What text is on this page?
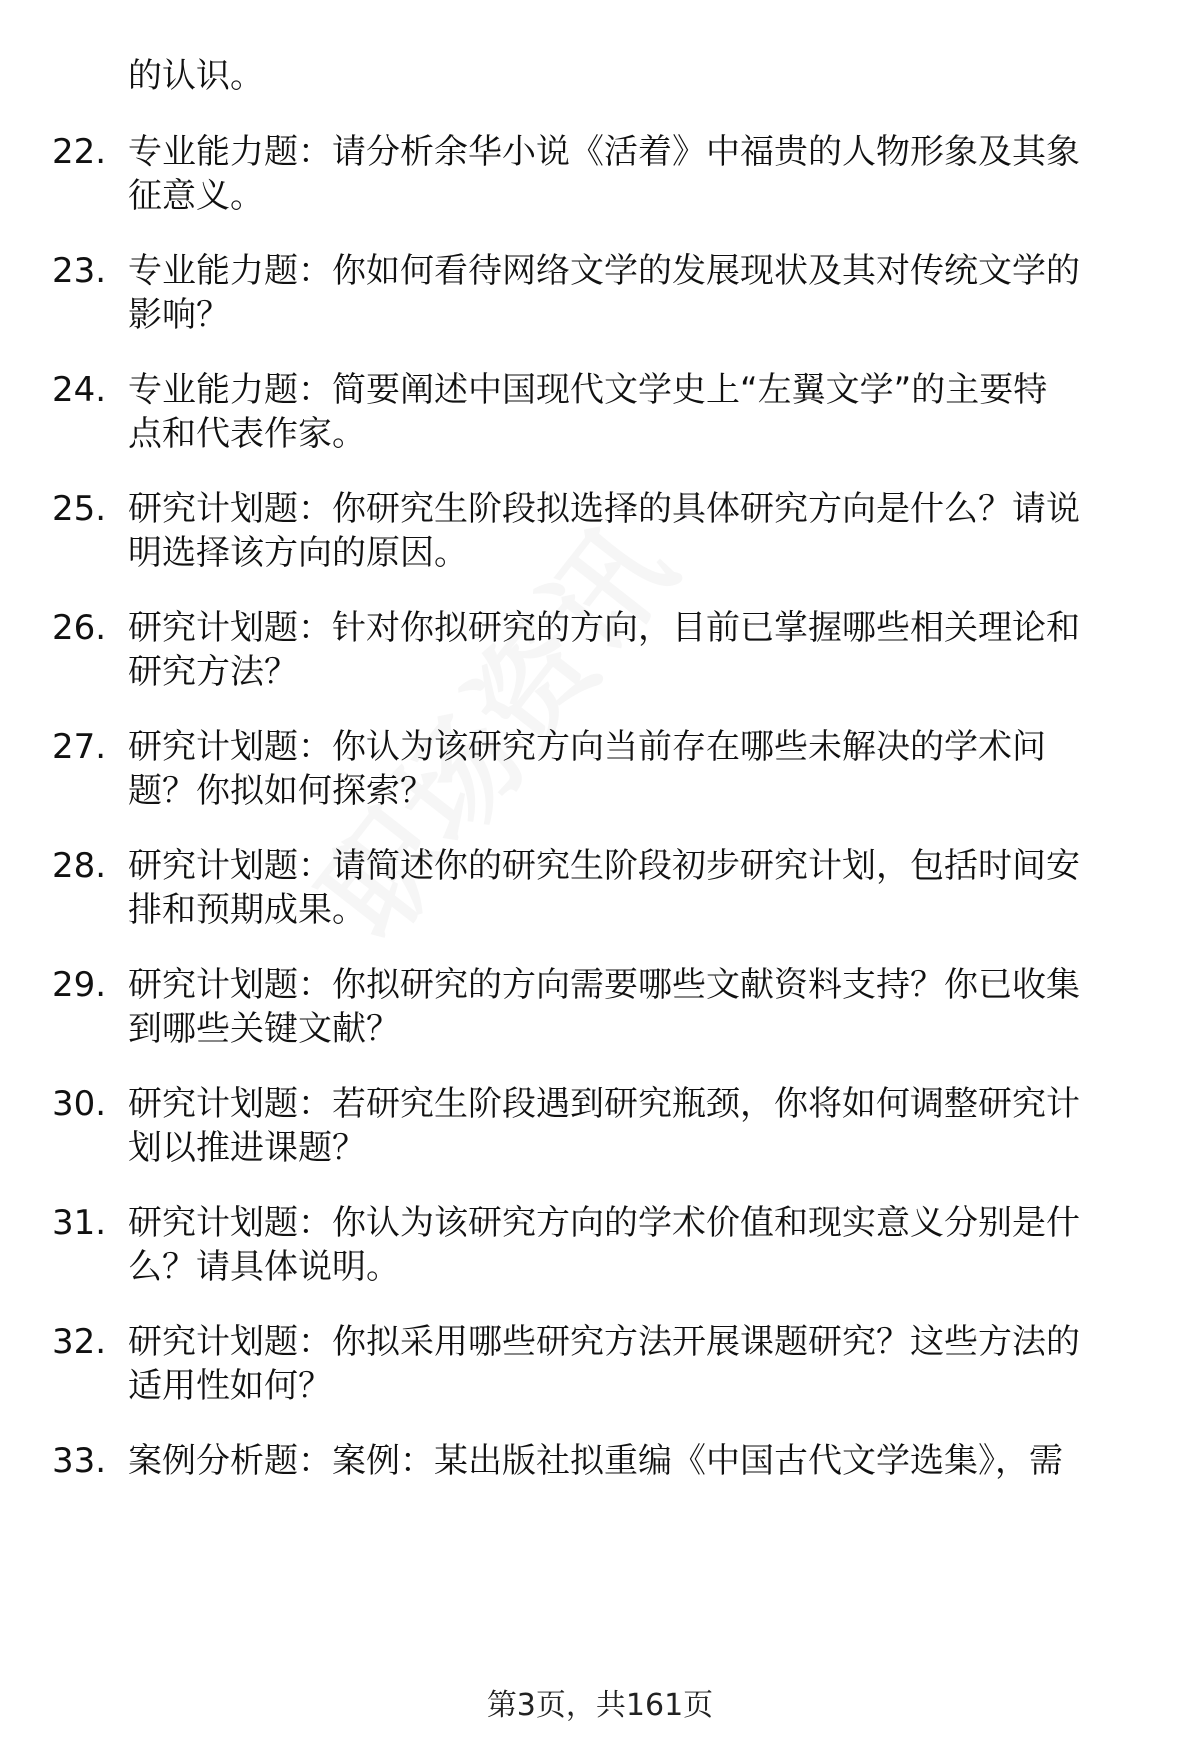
的认识。
22. 专业能力题：请分析余华小说《活着》中福贵的人物形象及其象
征意义。
23. 专业能力题：你如何看待网络文学的发展现状及其对传统文学的
影响？
24. 专业能力题：简要阐述中国现代文学史上“左翼文学”的主要特
点和代表作家。
25. 研究计划题：你研究生阶段拟选择的具体研究方向是什么？请说
明选择该方向的原因。
26. 研究计划题：针对你拟研究的方向，目前已掌握哪些相关理论和
研究方法？
27. 研究计划题：你认为该研究方向当前存在哪些未解决的学术问
题？你拟如何探索？
28. 研究计划题：请简述你的研究生阶段初步研究计划，包括时间安
排和预期成果。
29. 研究计划题：你拟研究的方向需要哪些文献资料支持？你已收集
到哪些关键文献？
30. 研究计划题：若研究生阶段遇到研究瓶颈，你将如何调整研究计
划以推进课题？
31. 研究计划题：你认为该研究方向的学术价值和现实意义分别是什
么？请具体说明。
32. 研究计划题：你拟采用哪些研究方法开展课题研究？这些方法的
适用性如何？
33. 案例分析题：案例：某出版社拟重编《中国古代文学选集》，需
第3页，共161页
